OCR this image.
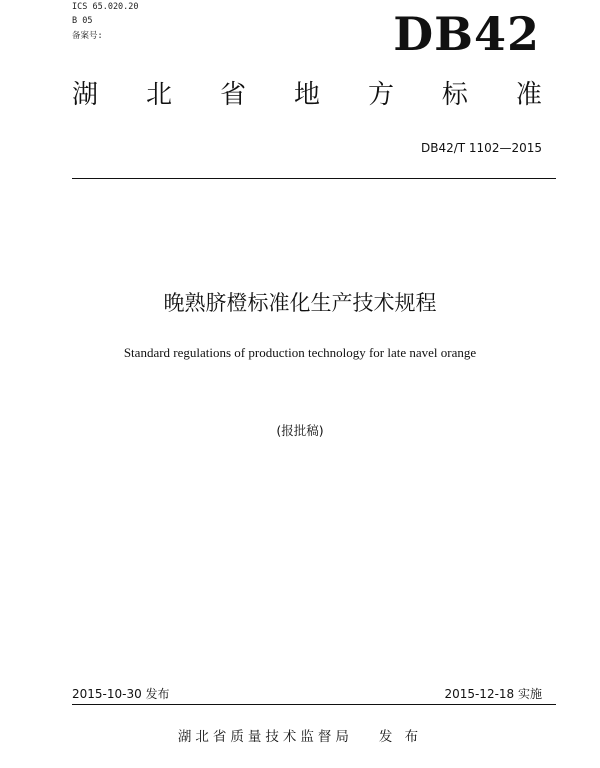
ICS 65.020.20
B 05
备案号:	DB42
湖 北 省 地 方 标 准
DB42/T 1102—2015
晚熟脐橙标准化生产技术规程
Standard regulations of production technology for late navel orange
(报批稿)
2015-10-30 发布	2015-12-18 实施
湖北省质量技术监督局 发 布
